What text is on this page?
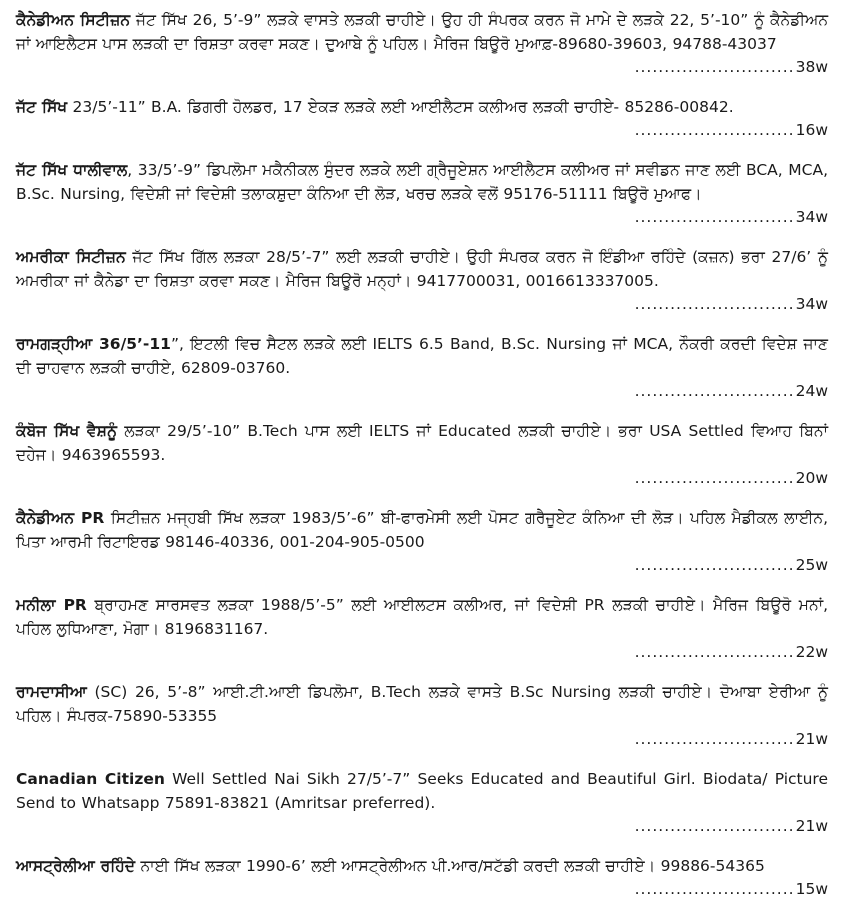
ਕੈਨੇਡੀਅਨ ਸਿਟੀਜ਼ਨ ਜੱਟ ਸਿੱਖ 26, 5’-9” ਲੜਕੇ ਵਾਸਤੇ ਲੜਕੀ ਚਾਹੀਏ। ਉਹ ਹੀ ਸੰਪਰਕ ਕਰਨ ਜੋ ਮਾਮੇ ਦੇ ਲੜਕੇ 22, 5’-10” ਨੂੰ ਕੈਨੇਡੀਅਨ ਜਾਂ ਆਇਲੈਟਸ ਪਾਸ ਲੜਕੀ ਦਾ ਰਿਸ਼ਤਾ ਕਰਵਾ ਸਕਣ। ਦੁਆਬੇ ਨੂੰ ਪਹਿਲ। ਮੈਰਿਜ ਬਿਊਰੋ ਮੁਆਫ਼-89680-39603, 94788-43037

........................... 38w

ਜੱਟ ਸਿੱਖ 23/5’-11” B.A. ਡਿਗਰੀ ਹੋਲਡਰ, 17 ਏਕੜ ਲੜਕੇ ਲਈ ਆਈਲੈਟਸ ਕਲੀਅਰ ਲੜਕੀ ਚਾਹੀਏ- 85286-00842.

........................... 16w

ਜੱਟ ਸਿੱਖ ਧਾਲੀਵਾਲ, 33/5’-9” ਡਿਪਲੋਮਾ ਮਕੈਨੀਕਲ ਸੁੰਦਰ ਲੜਕੇ ਲਈ ਗ੍ਰੈਜੂਏਸ਼ਨ ਆਈਲੈਟਸ ਕਲੀਅਰ ਜਾਂ ਸਵੀਡਨ ਜਾਣ ਲਈ BCA, MCA, B.Sc. Nursing, ਵਿਦੇਸ਼ੀ ਜਾਂ ਵਿਦੇਸ਼ੀ ਤਲਾਕਸ਼ੁਦਾ ਕੰਨਿਆ ਦੀ ਲੋੜ, ਖਰਚ ਲੜਕੇ ਵਲੋਂ 95176-51111 ਬਿਊਰੋ ਮੁਆਫ।

........................... 34w

ਅਮਰੀਕਾ ਸਿਟੀਜ਼ਨ ਜੱਟ ਸਿੱਖ ਗਿੱਲ ਲੜਕਾ 28/5’-7” ਲਈ ਲੜਕੀ ਚਾਹੀਏ। ਉਹੀ ਸੰਪਰਕ ਕਰਨ ਜੋ ਇੰਡੀਆ ਰਹਿੰਦੇ (ਕਜ਼ਨ) ਭਰਾ 27/6’ ਨੂੰ ਅਮਰੀਕਾ ਜਾਂ ਕੈਨੇਡਾ ਦਾ ਰਿਸ਼ਤਾ ਕਰਵਾ ਸਕਣ। ਮੈਰਿਜ ਬਿਊਰੋ ਮਨ੍ਹਾਂ। 9417700031, 0016613337005.

........................... 34w

ਰਾਮਗੜ੍ਹੀਆ 36/5’-11”, ਇਟਲੀ ਵਿਚ ਸੈਟਲ ਲੜਕੇ ਲਈ IELTS 6.5 Band, B.Sc. Nursing ਜਾਂ MCA, ਨੌਕਰੀ ਕਰਦੀ ਵਿਦੇਸ਼ ਜਾਣ ਦੀ ਚਾਹਵਾਨ ਲੜਕੀ ਚਾਹੀਏ, 62809-03760.

........................... 24w

ਕੰਬੋਜ ਸਿੱਖ ਵੈਸ਼ਨੂੰ ਲੜਕਾ 29/5’-10” B.Tech ਪਾਸ ਲਈ IELTS ਜਾਂ Educated ਲੜਕੀ ਚਾਹੀਏ। ਭਰਾ USA Settled ਵਿਆਹ ਬਿਨਾਂ ਦਹੇਜ। 9463965593.

........................... 20w

ਕੈਨੇਡੀਅਨ PR ਸਿਟੀਜ਼ਨ ਮਜ੍ਹਬੀ ਸਿੱਖ ਲੜਕਾ 1983/5’-6” ਬੀ-ਫਾਰਮੇਸੀ ਲਈ ਪੋਸਟ ਗਰੈਜੂਏਟ ਕੰਨਿਆ ਦੀ ਲੋੜ। ਪਹਿਲ ਮੈਡੀਕਲ ਲਾਈਨ, ਪਿਤਾ ਆਰਮੀ ਰਿਟਾਇਰਡ 98146-40336, 001-204-905-0500

........................... 25w

ਮਨੀਲਾ PR ਬ੍ਰਾਹਮਣ ਸਾਰਸਵਤ ਲੜਕਾ 1988/5’-5” ਲਈ ਆਈਲਟਸ ਕਲੀਅਰ, ਜਾਂ ਵਿਦੇਸ਼ੀ PR ਲੜਕੀ ਚਾਹੀਏ। ਮੈਰਿਜ ਬਿਊਰੋ ਮਨਾਂ, ਪਹਿਲ ਲੁਧਿਆਣਾ, ਮੋਗਾ। 8196831167.

........................... 22w

ਰਾਮਦਾਸੀਆ (SC) 26, 5’-8” ਆਈ.ਟੀ.ਆਈ ਡਿਪਲੋਮਾ, B.Tech ਲੜਕੇ ਵਾਸਤੇ B.Sc Nursing ਲੜਕੀ ਚਾਹੀਏ। ਦੋਆਬਾ ਏਰੀਆ ਨੂੰ ਪਹਿਲ। ਸੰਪਰਕ-75890-53355

........................... 21w

Canadian Citizen Well Settled Nai Sikh 27/5’-7” Seeks Educated and Beautiful Girl. Biodata/ Picture Send to Whatsapp 75891-83821 (Amritsar preferred).

........................... 21w

ਆਸਟ੍ਰੇਲੀਆ ਰਹਿੰਦੇ ਨਾਈ ਸਿੱਖ ਲੜਕਾ 1990-6’ ਲਈ ਆਸਟ੍ਰੇਲੀਅਨ ਪੀ.ਆਰ/ਸਟੱਡੀ ਕਰਦੀ ਲੜਕੀ ਚਾਹੀਏ। 99886-54365

........................... 15w
